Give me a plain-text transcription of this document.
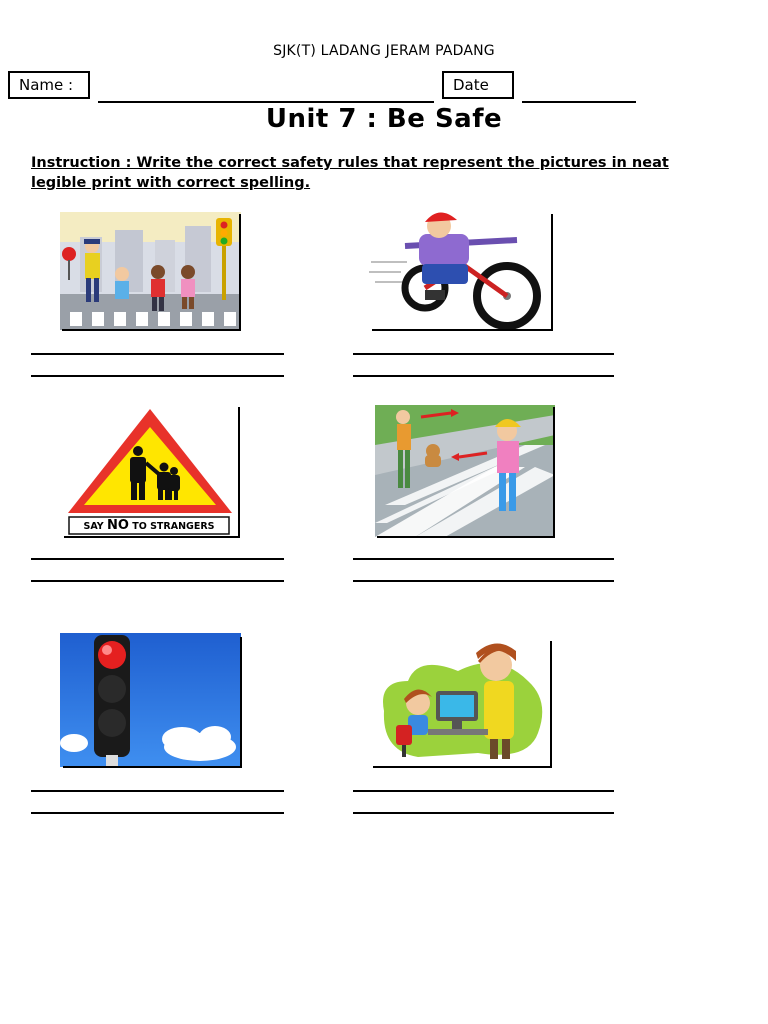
SJK(T) LADANG JERAM PADANG
Name :	Date
Unit 7 : Be Safe
Instruction : Write the correct safety rules that represent the pictures in neat
legible print with correct spelling.
SAY NO TO STRANGERS
